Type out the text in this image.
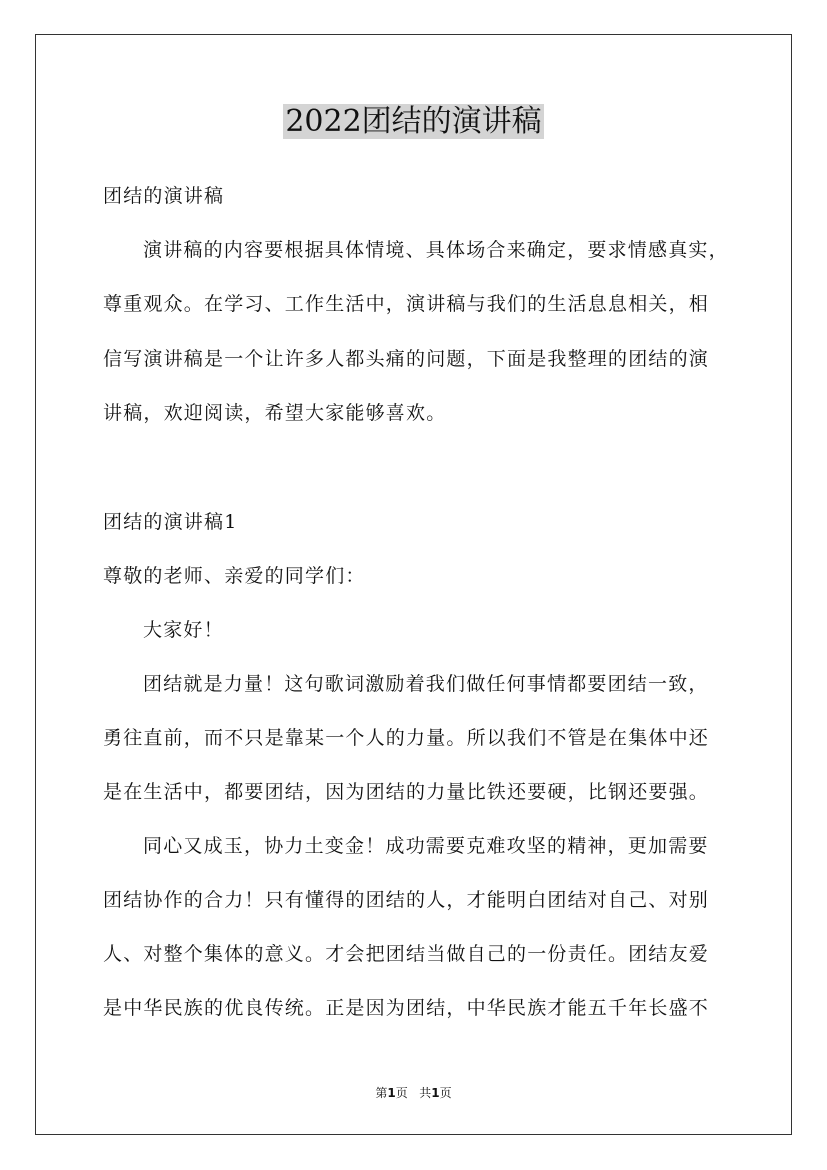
2022团结的演讲稿
团结的演讲稿
演讲稿的内容要根据具体情境、具体场合来确定，要求情感真实，
尊重观众。在学习、工作生活中，演讲稿与我们的生活息息相关，相
信写演讲稿是一个让许多人都头痛的问题，下面是我整理的团结的演
讲稿，欢迎阅读，希望大家能够喜欢。
团结的演讲稿1
尊敬的老师、亲爱的同学们：
大家好！
团结就是力量！这句歌词激励着我们做任何事情都要团结一致，
勇往直前，而不只是靠某一个人的力量。所以我们不管是在集体中还
是在生活中，都要团结，因为团结的力量比铁还要硬，比钢还要强。
同心又成玉，协力土变金！成功需要克难攻坚的精神，更加需要
团结协作的合力！只有懂得的团结的人，才能明白团结对自己、对别
人、对整个集体的意义。才会把团结当做自己的一份责任。团结友爱
是中华民族的优良传统。正是因为团结，中华民族才能五千年长盛不
第1页 共1页
